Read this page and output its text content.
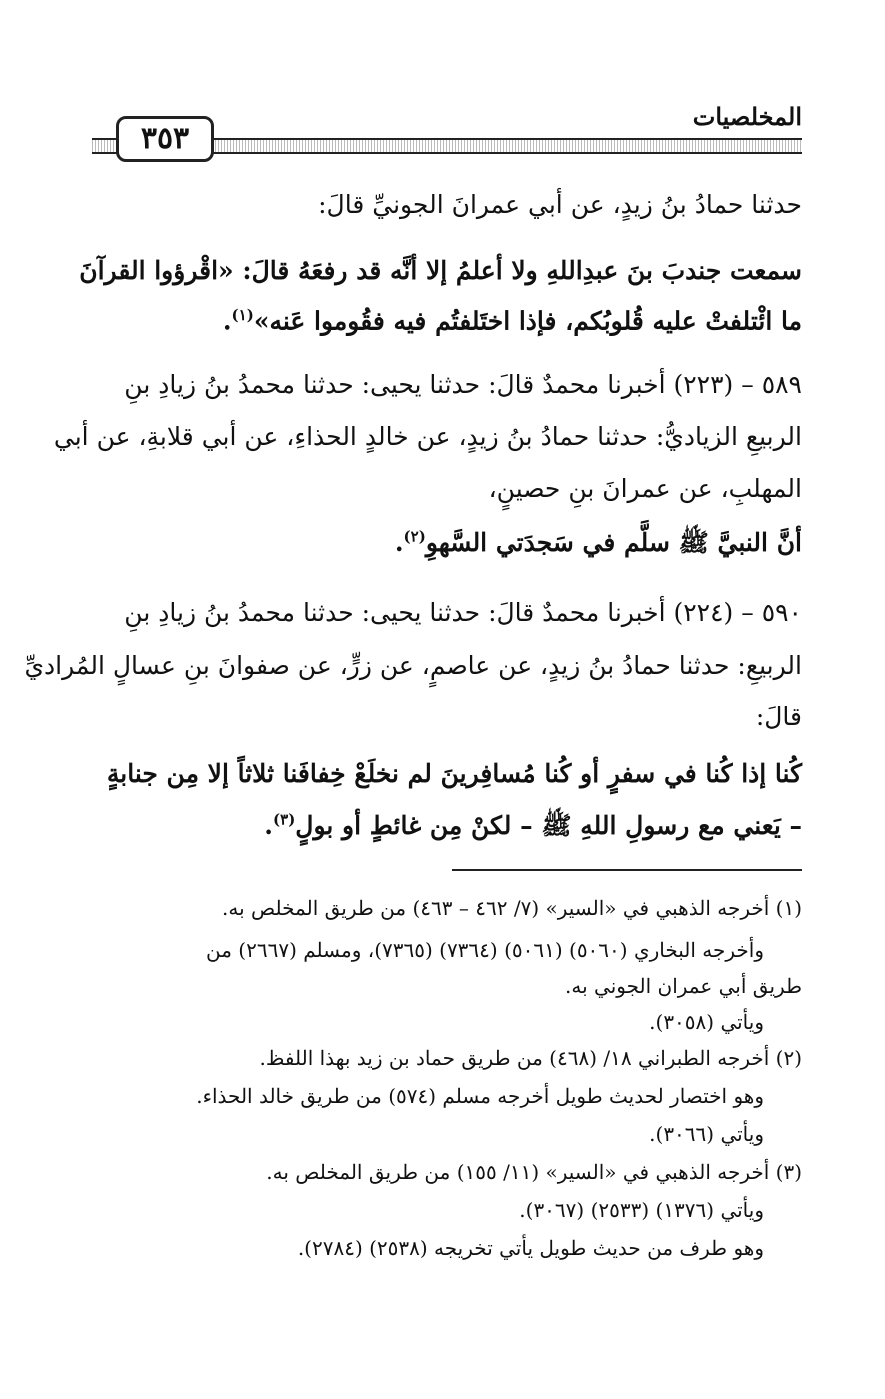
٣٥٣
المخلصيات
حدثنا حمادُ بنُ زيدٍ، عن أبي عمرانَ الجونيِّ قالَ:
سمعت جندبَ بنَ عبدِاللهِ ولا أعلمُ إلا أنَّه قد رفعَهُ قالَ: «اقْرؤوا القرآنَ
ما ائْتلفتْ عليه قُلوبُكم، فإذا اختَلفتُم فيه فقُوموا عَنه»$^{(١)}$.
٥٨٩ – (٢٢٣) أخبرنا محمدٌ قالَ: حدثنا يحيى: حدثنا محمدُ بنُ زيادِ بنِ
الربيعِ الزياديُّ: حدثنا حمادُ بنُ زيدٍ، عن خالدٍ الحذاءِ، عن أبي قلابةِ، عن أبي
المهلبِ، عن عمرانَ بنِ حصينٍ،
أنَّ النبيَّ ﷺ سلَّم في سَجدَتي السَّهوِ$^{(٢)}$.
٥٩٠ – (٢٢٤) أخبرنا محمدٌ قالَ: حدثنا يحيى: حدثنا محمدُ بنُ زيادِ بنِ
الربيعِ: حدثنا حمادُ بنُ زيدٍ، عن عاصمٍ، عن زرٍّ، عن صفوانَ بنِ عسالٍ المُراديِّ
قالَ:
كُنا إذا كُنا في سفرٍ أو كُنا مُسافِرينَ لم نخلَعْ خِفافَنا ثلاثاً إلا مِن جنابةٍ
– يَعني مع رسولِ اللهِ ﷺ – لكنْ مِن غائطٍ أو بولٍ$^{(٣)}$.
(١) أخرجه الذهبي في «السير» (٧/ ٤٦٢ – ٤٦٣) من طريق المخلص به.
وأخرجه البخاري (٥٠٦٠) (٥٠٦١) (٧٣٦٤) (٧٣٦٥)، ومسلم (٢٦٦٧) من
طريق أبي عمران الجوني به.
ويأتي (٣٠٥٨).
(٢) أخرجه الطبراني ١٨/ (٤٦٨) من طريق حماد بن زيد بهذا اللفظ.
وهو اختصار لحديث طويل أخرجه مسلم (٥٧٤) من طريق خالد الحذاء.
ويأتي (٣٠٦٦).
(٣) أخرجه الذهبي في «السير» (١١/ ١٥٥) من طريق المخلص به.
ويأتي (١٣٧٦) (٢٥٣٣) (٣٠٦٧).
وهو طرف من حديث طويل يأتي تخريجه (٢٥٣٨) (٢٧٨٤).
